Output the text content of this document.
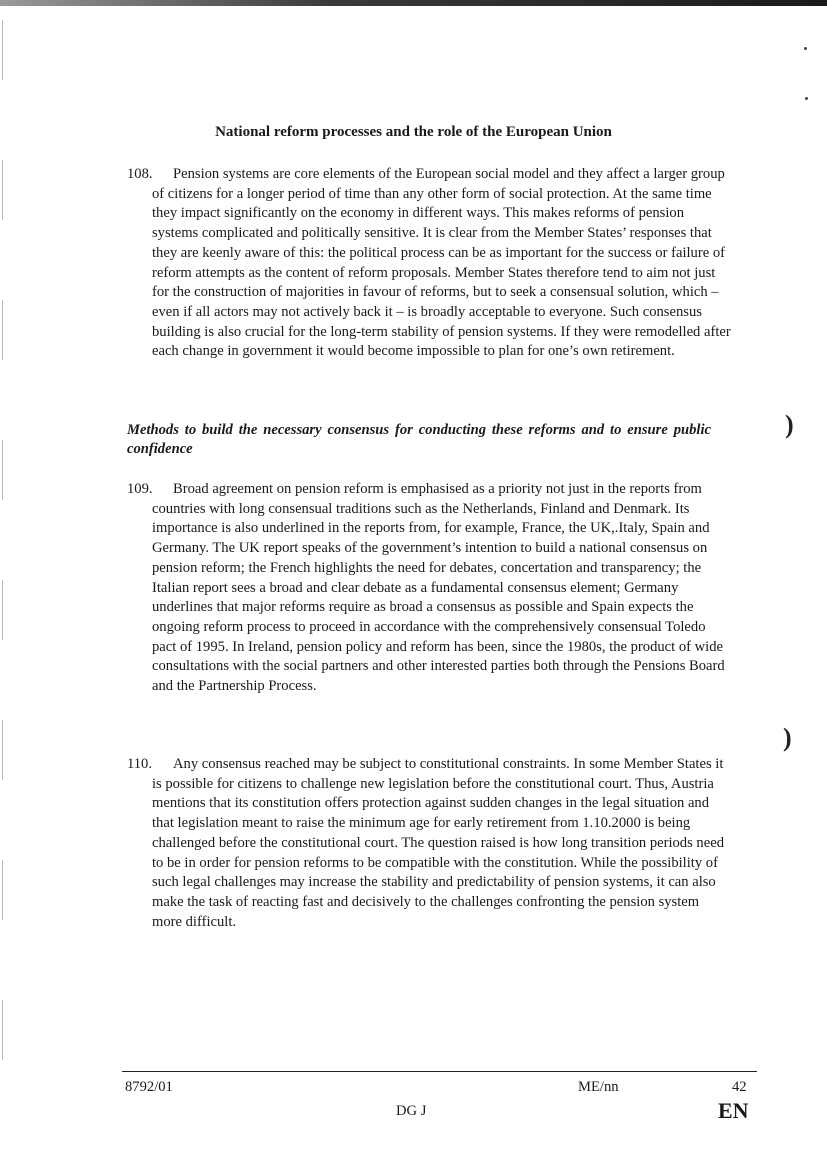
)
)
National reform processes and the role of the European Union

108. Pension systems are core elements of the European social model and they affect a larger group of citizens for a longer period of time than any other form of social protection. At the same time they impact significantly on the economy in different ways. This makes reforms of pension systems complicated and politically sensitive. It is clear from the Member States’ responses that they are keenly aware of this: the political process can be as important for the success or failure of reform attempts as the content of reform proposals. Member States therefore tend to aim not just for the construction of majorities in favour of reforms, but to seek a consensual solution, which – even if all actors may not actively back it – is broadly acceptable to everyone. Such consensus building is also crucial for the long-term stability of pension systems. If they were remodelled after each change in government it would become impossible to plan for one’s own retirement.

Methods to build the necessary consensus for conducting these reforms and to ensure public confidence

109. Broad agreement on pension reform is emphasised as a priority not just in the reports from countries with long consensual traditions such as the Netherlands, Finland and Denmark. Its importance is also underlined in the reports from, for example, France, the UK,.Italy, Spain and Germany. The UK report speaks of the government’s intention to build a national consensus on pension reform; the French highlights the need for debates, concertation and transparency; the Italian report sees a broad and clear debate as a fundamental consensus element; Germany underlines that major reforms require as broad a consensus as possible and Spain expects the ongoing reform process to proceed in accordance with the comprehensively consensual Toledo pact of 1995. In Ireland, pension policy and reform has been, since the 1980s, the product of wide consultations with the social partners and other interested parties both through the Pensions Board and the Partnership Process.

110. Any consensus reached may be subject to constitutional constraints. In some Member States it is possible for citizens to challenge new legislation before the constitutional court. Thus, Austria mentions that its constitution offers protection against sudden changes in the legal situation and that legislation meant to raise the minimum age for early retirement from 1.10.2000 is being challenged before the constitutional court. The question raised is how long transition periods need to be in order for pension reforms to be compatible with the constitution. While the possibility of such legal challenges may increase the stability and predictability of pension systems, it can also make the task of reacting fast and decisively to the challenges confronting the pension system more difficult.

8792/01	ME/nn	42
DG J	EN
